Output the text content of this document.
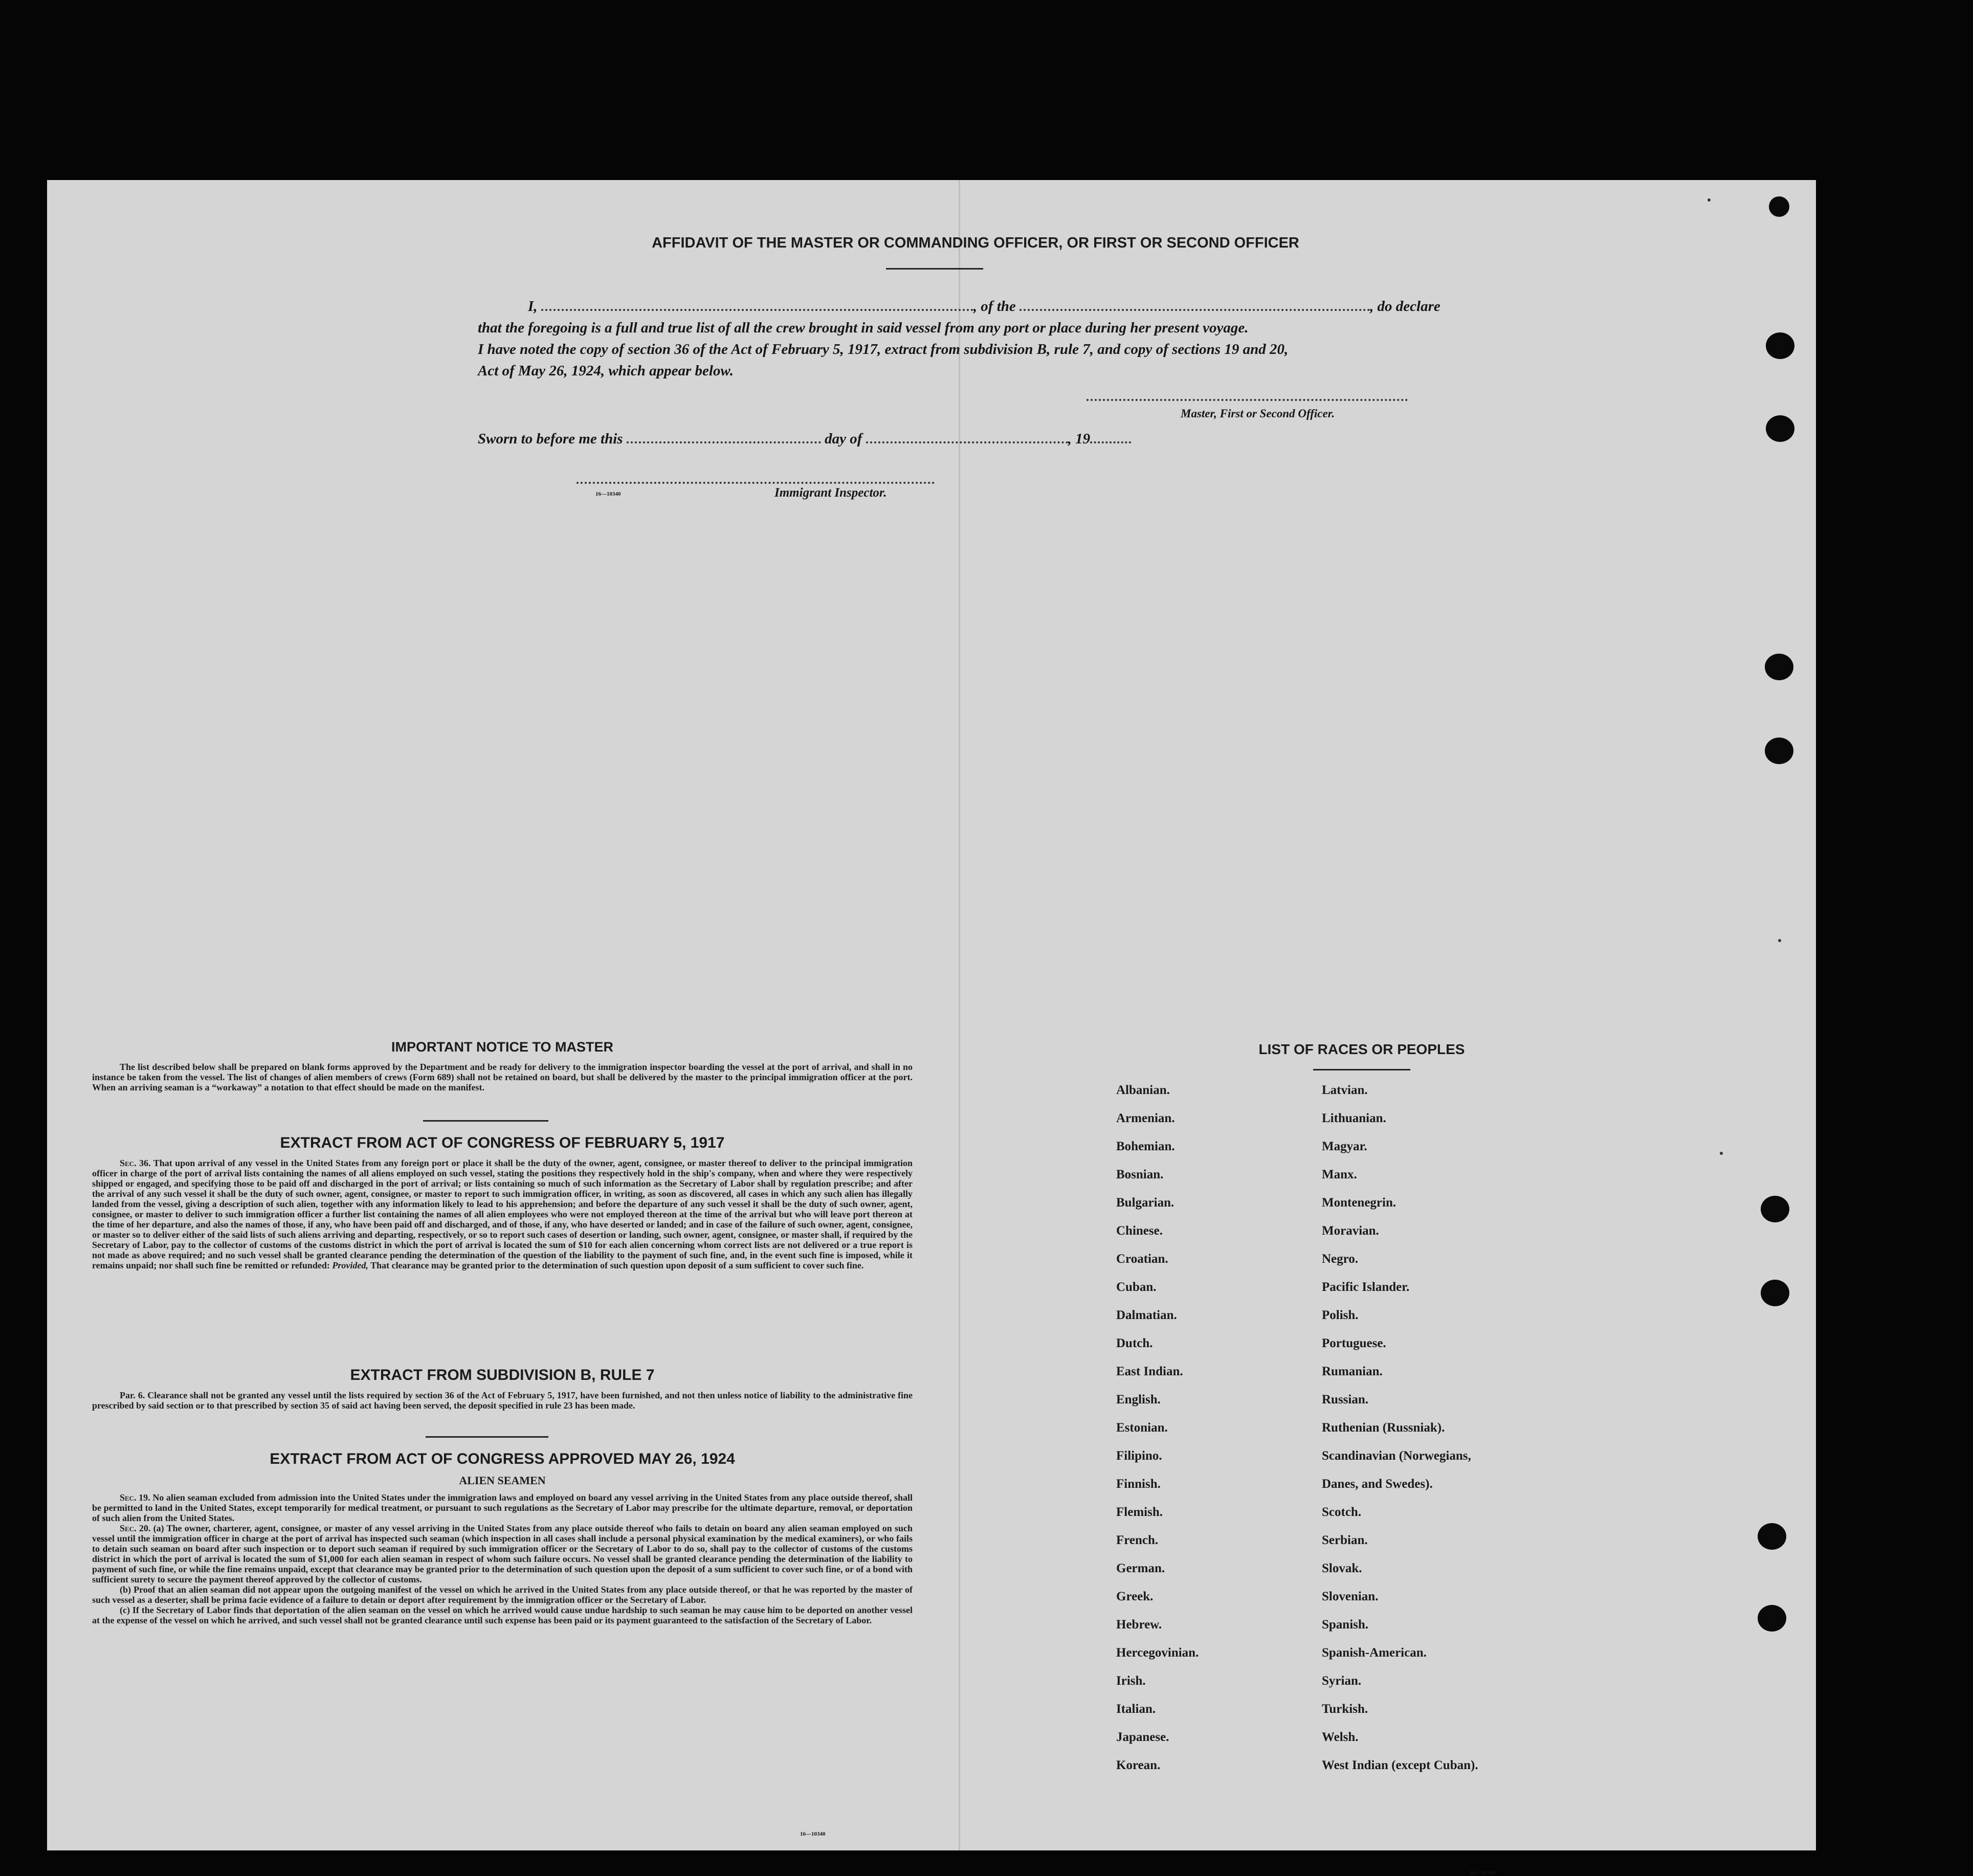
AFFIDAVIT OF THE MASTER OR COMMANDING OFFICER, OR FIRST OR SECOND OFFICER
I,	, of the	, do declare
that the foregoing is a full and true list of all the crew brought in said vessel from any port or place during her present voyage.
I have noted the copy of section 36 of the Act of February 5, 1917, extract from subdivision B, rule 7, and copy of sections 19 and 20,
Act of May 26, 1924, which appear below.
Master, First or Second Officer.
Sworn to before me this	day of	, 19
16—10340	Immigrant Inspector.
IMPORTANT NOTICE TO MASTER
The list described below shall be prepared on blank forms approved by the Department and be ready for delivery to the immigration inspector boarding the vessel at the port of arrival, and shall in no instance be taken from the vessel. The list of changes of alien members of crews (Form 689) shall not be retained on board, but shall be delivered by the master to the principal immigration officer at the port. When an arriving seaman is a “workaway” a notation to that effect should be made on the manifest.
EXTRACT FROM ACT OF CONGRESS OF FEBRUARY 5, 1917
Sec. 36. That upon arrival of any vessel in the United States from any foreign port or place it shall be the duty of the owner, agent, consignee, or master thereof to deliver to the principal immigration officer in charge of the port of arrival lists containing the names of all aliens employed on such vessel, stating the positions they respectively hold in the ship's company, when and where they were respectively shipped or engaged, and specifying those to be paid off and discharged in the port of arrival; or lists containing so much of such information as the Secretary of Labor shall by regulation prescribe; and after the arrival of any such vessel it shall be the duty of such owner, agent, consignee, or master to report to such immigration officer, in writing, as soon as discovered, all cases in which any such alien has illegally landed from the vessel, giving a description of such alien, together with any information likely to lead to his apprehension; and before the departure of any such vessel it shall be the duty of such owner, agent, consignee, or master to deliver to such immigration officer a further list containing the names of all alien employees who were not employed thereon at the time of the arrival but who will leave port thereon at the time of her departure, and also the names of those, if any, who have been paid off and discharged, and of those, if any, who have deserted or landed; and in case of the failure of such owner, agent, consignee, or master so to deliver either of the said lists of such aliens arriving and departing, respectively, or so to report such cases of desertion or landing, such owner, agent, consignee, or master shall, if required by the Secretary of Labor, pay to the collector of customs of the customs district in which the port of arrival is located the sum of $10 for each alien concerning whom correct lists are not delivered or a true report is not made as above required; and no such vessel shall be granted clearance pending the determination of the question of the liability to the payment of such fine, and, in the event such fine is imposed, while it remains unpaid; nor shall such fine be remitted or refunded: Provided, That clearance may be granted prior to the determination of such question upon deposit of a sum sufficient to cover such fine.
EXTRACT FROM SUBDIVISION B, RULE 7
Par. 6. Clearance shall not be granted any vessel until the lists required by section 36 of the Act of February 5, 1917, have been furnished, and not then unless notice of liability to the administrative fine prescribed by said section or to that prescribed by section 35 of said act having been served, the deposit specified in rule 23 has been made.
EXTRACT FROM ACT OF CONGRESS APPROVED MAY 26, 1924
ALIEN SEAMEN
Sec. 19. No alien seaman excluded from admission into the United States under the immigration laws and employed on board any vessel arriving in the United States from any place outside thereof, shall be permitted to land in the United States, except temporarily for medical treatment, or pursuant to such regulations as the Secretary of Labor may prescribe for the ultimate departure, removal, or deportation of such alien from the United States.
Sec. 20. (a) The owner, charterer, agent, consignee, or master of any vessel arriving in the United States from any place outside thereof who fails to detain on board any alien seaman employed on such vessel until the immigration officer in charge at the port of arrival has inspected such seaman (which inspection in all cases shall include a personal physical examination by the medical examiners), or who fails to detain such seaman on board after such inspection or to deport such seaman if required by such immigration officer or the Secretary of Labor to do so, shall pay to the collector of customs of the customs district in which the port of arrival is located the sum of $1,000 for each alien seaman in respect of whom such failure occurs. No vessel shall be granted clearance pending the determination of the liability to payment of such fine, or while the fine remains unpaid, except that clearance may be granted prior to the determination of such question upon the deposit of a sum sufficient to cover such fine, or of a bond with sufficient surety to secure the payment thereof approved by the collector of customs.
(b) Proof that an alien seaman did not appear upon the outgoing manifest of the vessel on which he arrived in the United States from any place outside thereof, or that he was reported by the master of such vessel as a deserter, shall be prima facie evidence of a failure to detain or deport after requirement by the immigration officer or the Secretary of Labor.
(c) If the Secretary of Labor finds that deportation of the alien seaman on the vessel on which he arrived would cause undue hardship to such seaman he may cause him to be deported on another vessel at the expense of the vessel on which he arrived, and such vessel shall not be granted clearance until such expense has been paid or its payment guaranteed to the satisfaction of the Secretary of Labor.
16—10340
LIST OF RACES OR PEOPLES
Albanian.
Armenian.
Bohemian.
Bosnian.
Bulgarian.
Chinese.
Croatian.
Cuban.
Dalmatian.
Dutch.
East Indian.
English.
Estonian.
Filipino.
Finnish.
Flemish.
French.
German.
Greek.
Hebrew.
Hercegovinian.
Irish.
Italian.
Japanese.
Korean.
Latvian.
Lithuanian.
Magyar.
Manx.
Montenegrin.
Moravian.
Negro.
Pacific Islander.
Polish.
Portuguese.
Rumanian.
Russian.
Ruthenian (Russniak).
Scandinavian (Norwegians,
Danes, and Swedes).
Scotch.
Serbian.
Slovak.
Slovenian.
Spanish.
Spanish-American.
Syrian.
Turkish.
Welsh.
West Indian (except Cuban).
16—10340
